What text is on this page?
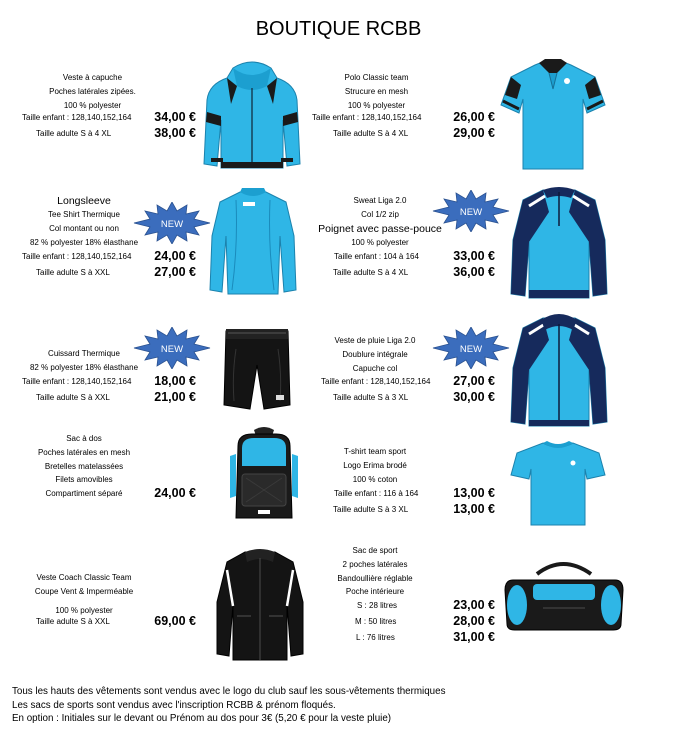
BOUTIQUE RCBB
Veste à capuche
Poches latérales zipées.
100 % polyester
Taille enfant : 128,140,152,164
Taille adulte S à 4 XL
34,00 €
38,00 €
Polo Classic team
Strucure en mesh
100 % polyester
Taille enfant : 128,140,152,164
Taille adulte S à 4 XL
26,00 €
29,00 €
Longsleeve
Tee Shirt Thermique
Col montant ou non
82 % polyester 18% élasthane
Taille enfant : 128,140,152,164
Taille adulte S à XXL
24,00 €
27,00 €
NEW
Sweat Liga 2.0
Col 1/2 zip
Poignet avec passe-pouce
100 % polyester
Taille enfant : 104 à 164
Taille adulte S à 4 XL
33,00 €
36,00 €
NEW
Cuissard Thermique
82 % polyester 18% élasthane
Taille enfant : 128,140,152,164
Taille adulte S à XXL
18,00 €
21,00 €
NEW
Veste de pluie Liga 2.0
Doublure intégrale
Capuche col
Taille enfant : 128,140,152,164
Taille adulte S à 3 XL
27,00 €
30,00 €
NEW
Sac à dos
Poches latérales en mesh
Bretelles matelassées
Filets amovibles
Compartiment séparé	24,00 €
T-shirt team sport
Logo Erima brodé
100 % coton
Taille enfant : 116 à 164
Taille adulte S à 3 XL
13,00 €
13,00 €
Veste Coach Classic Team
Coupe Vent & Imperméable
100 % polyester
Taille adulte S à XXL	69,00 €
Sac de sport
2 poches latérales
Bandoullière réglable
Poche intérieure
S : 28 litres
M : 50 litres
L : 76 litres
23,00 €
28,00 €
31,00 €
Tous les hauts des vêtements sont vendus avec le logo du club sauf les sous-vêtements thermiques
Les sacs de sports sont vendus avec l'inscription RCBB & prénom floqués.
En option : Initiales sur le devant ou Prénom au dos pour 3€ (5,20 € pour la veste pluie)
